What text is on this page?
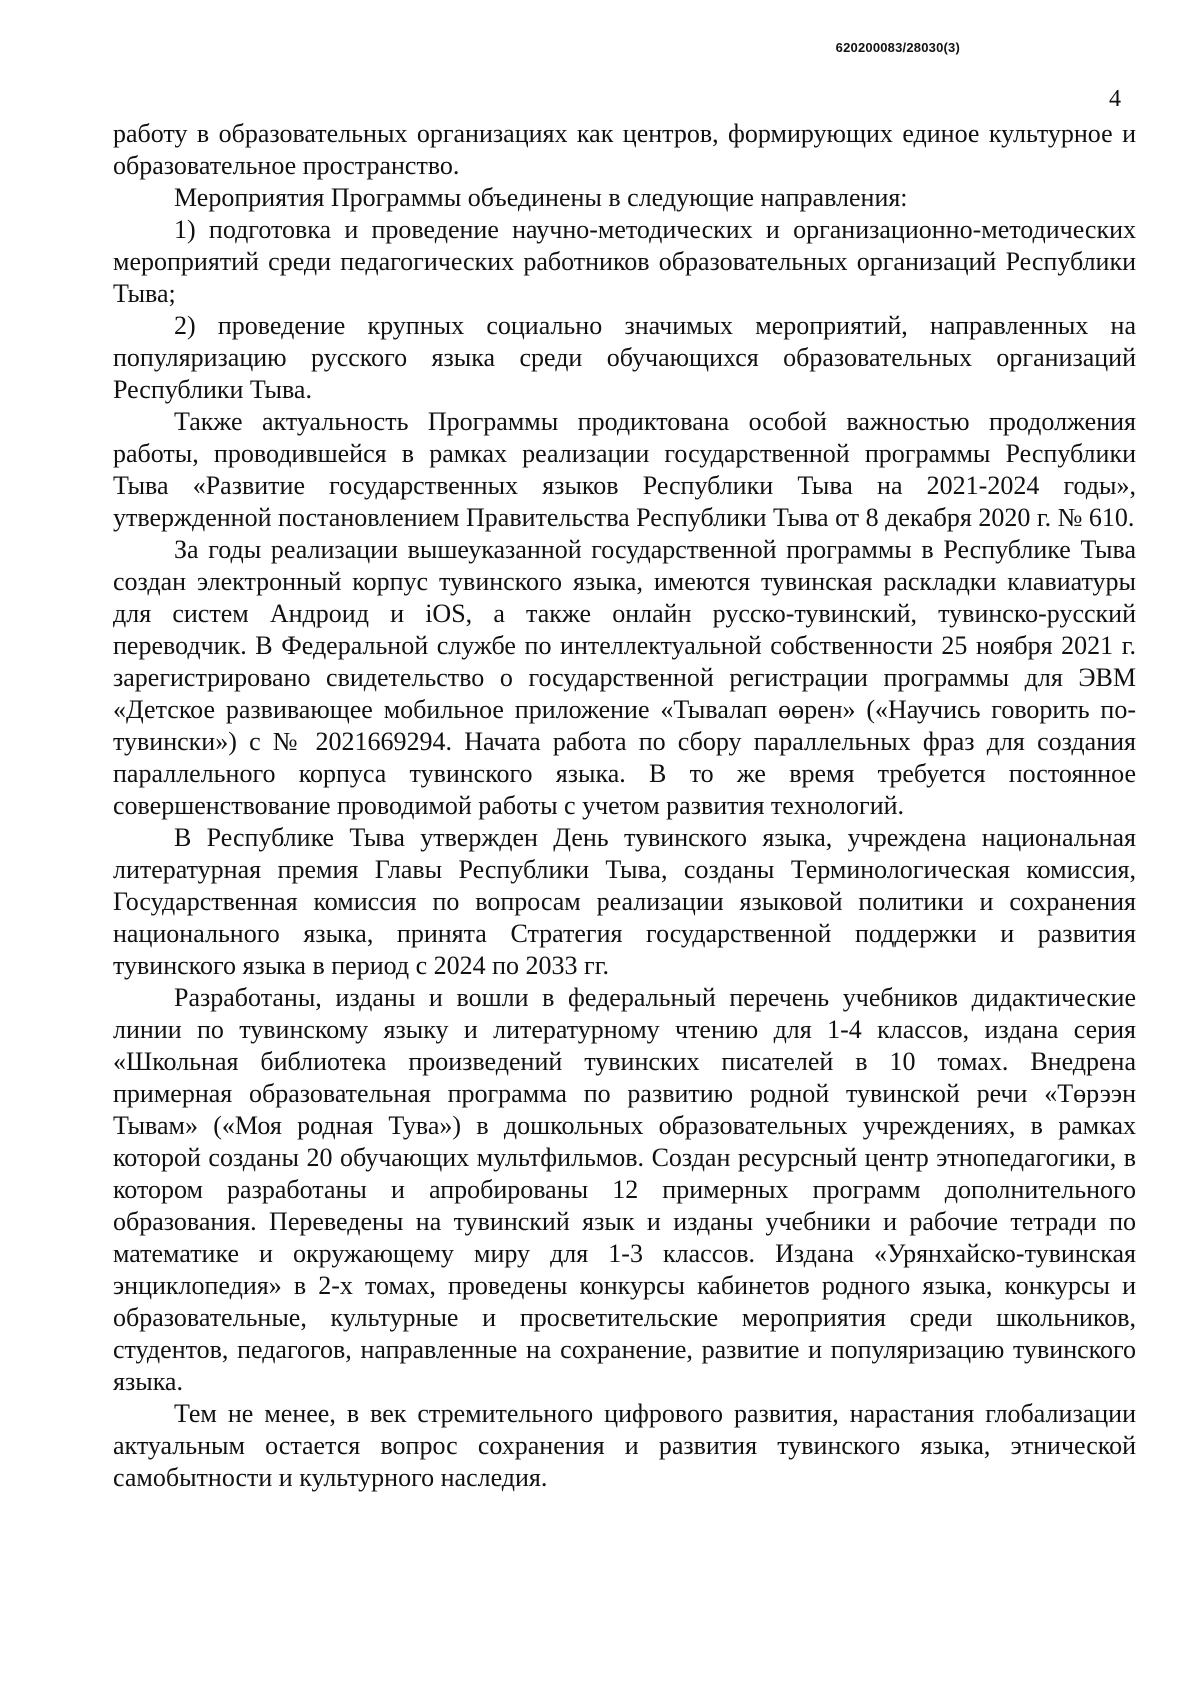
620200083/28030(3)
4

работу в образовательных организациях как центров, формирующих единое культурное и образовательное пространство.

Мероприятия Программы объединены в следующие направления:

1) подготовка и проведение научно-методических и организационно-методических мероприятий среди педагогических работников образовательных организаций Республики Тыва;

2) проведение крупных социально значимых мероприятий, направленных на популяризацию русского языка среди обучающихся образовательных организаций Республики Тыва.

Также актуальность Программы продиктована особой важностью продолжения работы, проводившейся в рамках реализации государственной программы Республики Тыва «Развитие государственных языков Республики Тыва на 2021-2024 годы», утвержденной постановлением Правительства Республики Тыва от 8 декабря 2020 г. № 610.

За годы реализации вышеуказанной государственной программы в Республике Тыва создан электронный корпус тувинского языка, имеются тувинская раскладки клавиатуры для систем Андроид и iOS, а также онлайн русско-тувинский, тувинско-русский переводчик. В Федеральной службе по интеллектуальной собственности 25 ноября 2021 г. зарегистрировано свидетельство о государственной регистрации программы для ЭВМ «Детское развивающее мобильное приложение «Тывалап өөрен» («Научись говорить по-тувински») с № 2021669294. Начата работа по сбору параллельных фраз для создания параллельного корпуса тувинского языка. В то же время требуется постоянное совершенствование проводимой работы с учетом развития технологий.

В Республике Тыва утвержден День тувинского языка, учреждена национальная литературная премия Главы Республики Тыва, созданы Терминологическая комиссия, Государственная комиссия по вопросам реализации языковой политики и сохранения национального языка, принята Стратегия государственной поддержки и развития тувинского языка в период с 2024 по 2033 гг.

Разработаны, изданы и вошли в федеральный перечень учебников дидактические линии по тувинскому языку и литературному чтению для 1-4 классов, издана серия «Школьная библиотека произведений тувинских писателей в 10 томах. Внедрена примерная образовательная программа по развитию родной тувинской речи «Төрээн Тывам» («Моя родная Тува») в дошкольных образовательных учреждениях, в рамках которой созданы 20 обучающих мультфильмов. Создан ресурсный центр этнопедагогики, в котором разработаны и апробированы 12 примерных программ дополнительного образования. Переведены на тувинский язык и изданы учебники и рабочие тетради по математике и окружающему миру для 1-3 классов. Издана «Урянхайско-тувинская энциклопедия» в 2-х томах, проведены конкурсы кабинетов родного языка, конкурсы и образовательные, культурные и просветительские мероприятия среди школьников, студентов, педагогов, направленные на сохранение, развитие и популяризацию тувинского языка.

Тем не менее, в век стремительного цифрового развития, нарастания глобализации актуальным остается вопрос сохранения и развития тувинского языка, этнической самобытности и культурного наследия.
